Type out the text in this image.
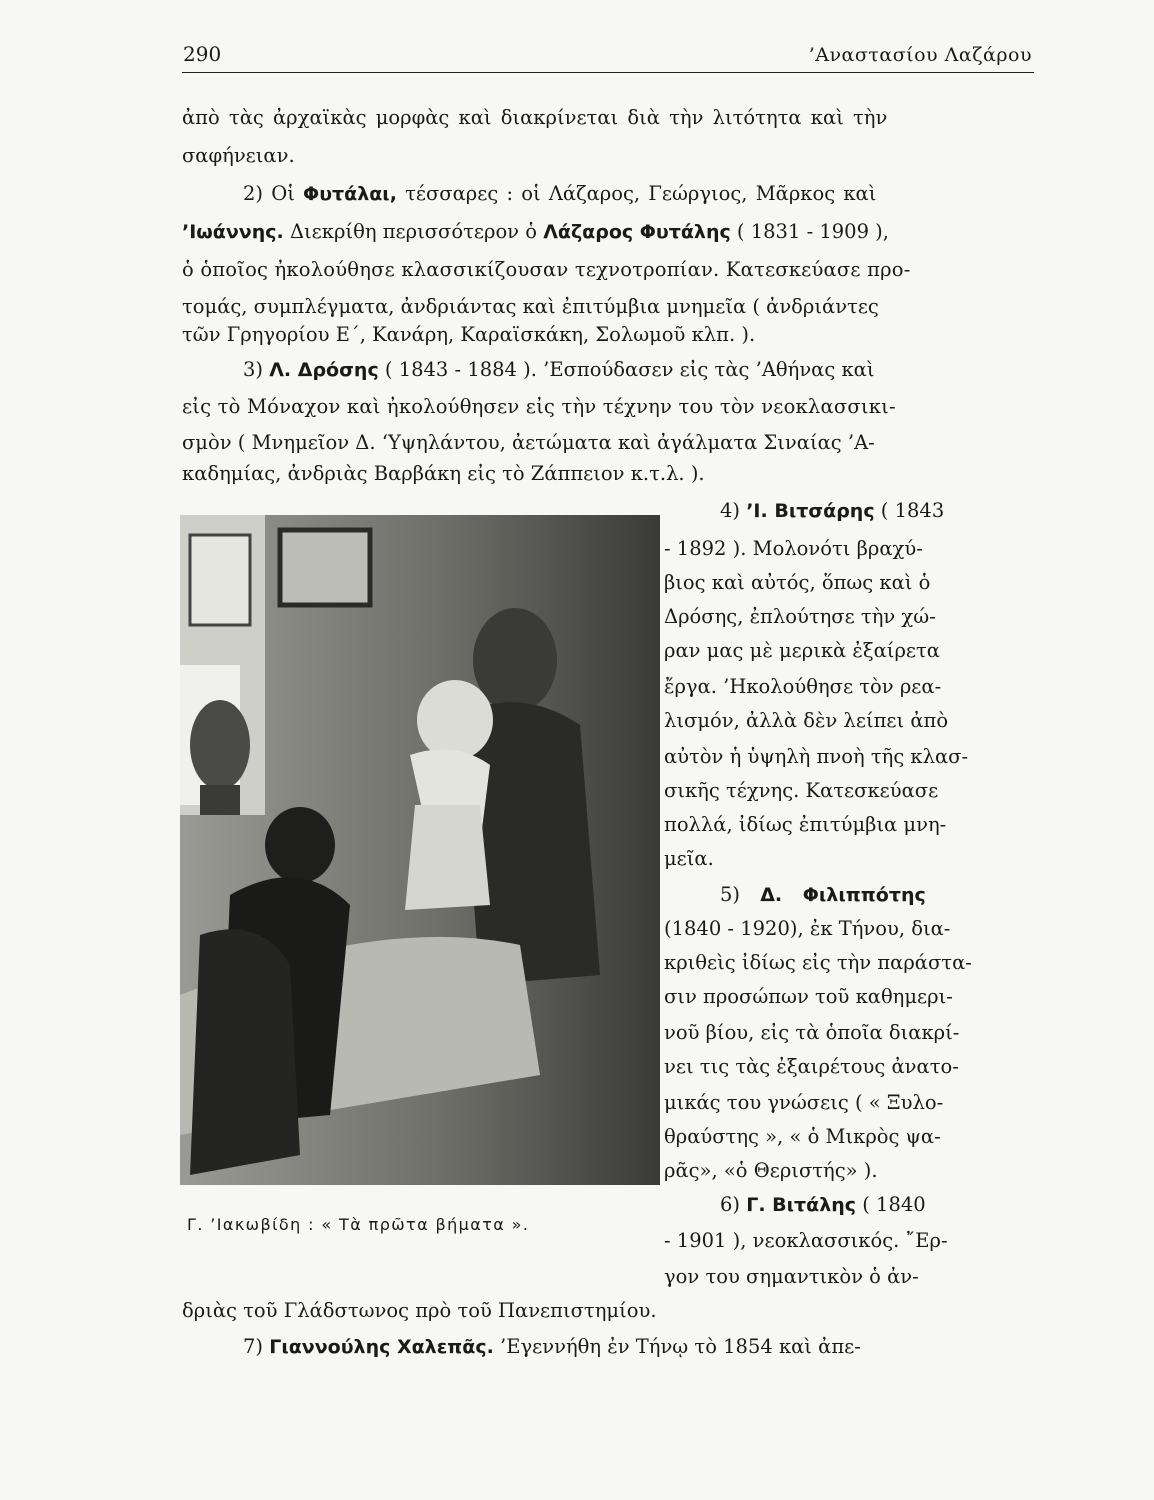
290	’Αναστασίου Λαζάρου
ἀπὸ τὰς ἀρχαϊκὰς μορφὰς καὶ διακρίνεται διὰ τὴν λιτότητα καὶ τὴν
σαφήνειαν.
2) Οἱ Φυτάλαι, τέσσαρες : οἱ Λάζαρος, Γεώργιος, Μᾶρκος καὶ
’Ιωάννης. Διεκρίθη περισσότερον ὁ Λάζαρος Φυτάλης ( 1831 - 1909 ),
ὁ ὁποῖος ἠκολούθησε κλασσικίζουσαν τεχνοτροπίαν. Κατεσκεύασε προ-
τομάς, συμπλέγματα, ἀνδριάντας καὶ ἐπιτύμβια μνημεῖα ( ἀνδριάντες
τῶν Γρηγορίου Ε΄, Κανάρη, Καραϊσκάκη, Σολωμοῦ κλπ. ).
3) Λ. Δρόσης ( 1843 - 1884 ). ’Εσπούδασεν εἰς τὰς ’Αθήνας καὶ
εἰς τὸ Μόναχον καὶ ἠκολούθησεν εἰς τὴν τέχνην του τὸν νεοκλασσικι-
σμὸν ( Μνημεῖον Δ. ‘Υψηλάντου, ἀετώματα καὶ ἀγάλματα Σιναίας ’Α-
καδημίας, ἀνδριὰς Βαρβάκη εἰς τὸ Ζάππειον κ.τ.λ. ).
4) ’Ι. Βιτσάρης ( 1843
- 1892 ). Μολονότι βραχύ-
βιος καὶ αὐτός, ὅπως καὶ ὁ
Δρόσης, ἐπλούτησε τὴν χώ-
ραν μας μὲ μερικὰ ἐξαίρετα
ἔργα. ’Ηκολούθησε τὸν ρεα-
λισμόν, ἀλλὰ δὲν λείπει ἀπὸ
αὐτὸν ἡ ὑψηλὴ πνοὴ τῆς κλασ-
σικῆς τέχνης. Κατεσκεύασε
πολλά, ἰδίως ἐπιτύμβια μνη-
μεῖα.
5) Δ. Φιλιππότης
(1840 - 1920), ἐκ Τήνου, δια-
κριθεὶς ἰδίως εἰς τὴν παράστα-
σιν προσώπων τοῦ καθημερι-
νοῦ βίου, εἰς τὰ ὁποῖα διακρί-
νει τις τὰς ἐξαιρέτους ἀνατο-
μικάς του γνώσεις ( « Ξυλο-
θραύστης », « ὁ Μικρὸς ψα-
ρᾶς», «ὁ Θεριστής» ).
6) Γ. Βιτάλης ( 1840
- 1901 ), νεοκλασσικός. ῎Ερ-
γον του σημαντικὸν ὁ ἀν-
δριὰς τοῦ Γλάδστωνος πρὸ τοῦ Πανεπιστημίου.
7) Γιαννούλης Χαλεπᾶς. ’Εγεννήθη ἐν Τήνῳ τὸ 1854 καὶ ἀπε-
Γ. ’Ιακωβίδη : « Τὰ πρῶτα βήματα ».
